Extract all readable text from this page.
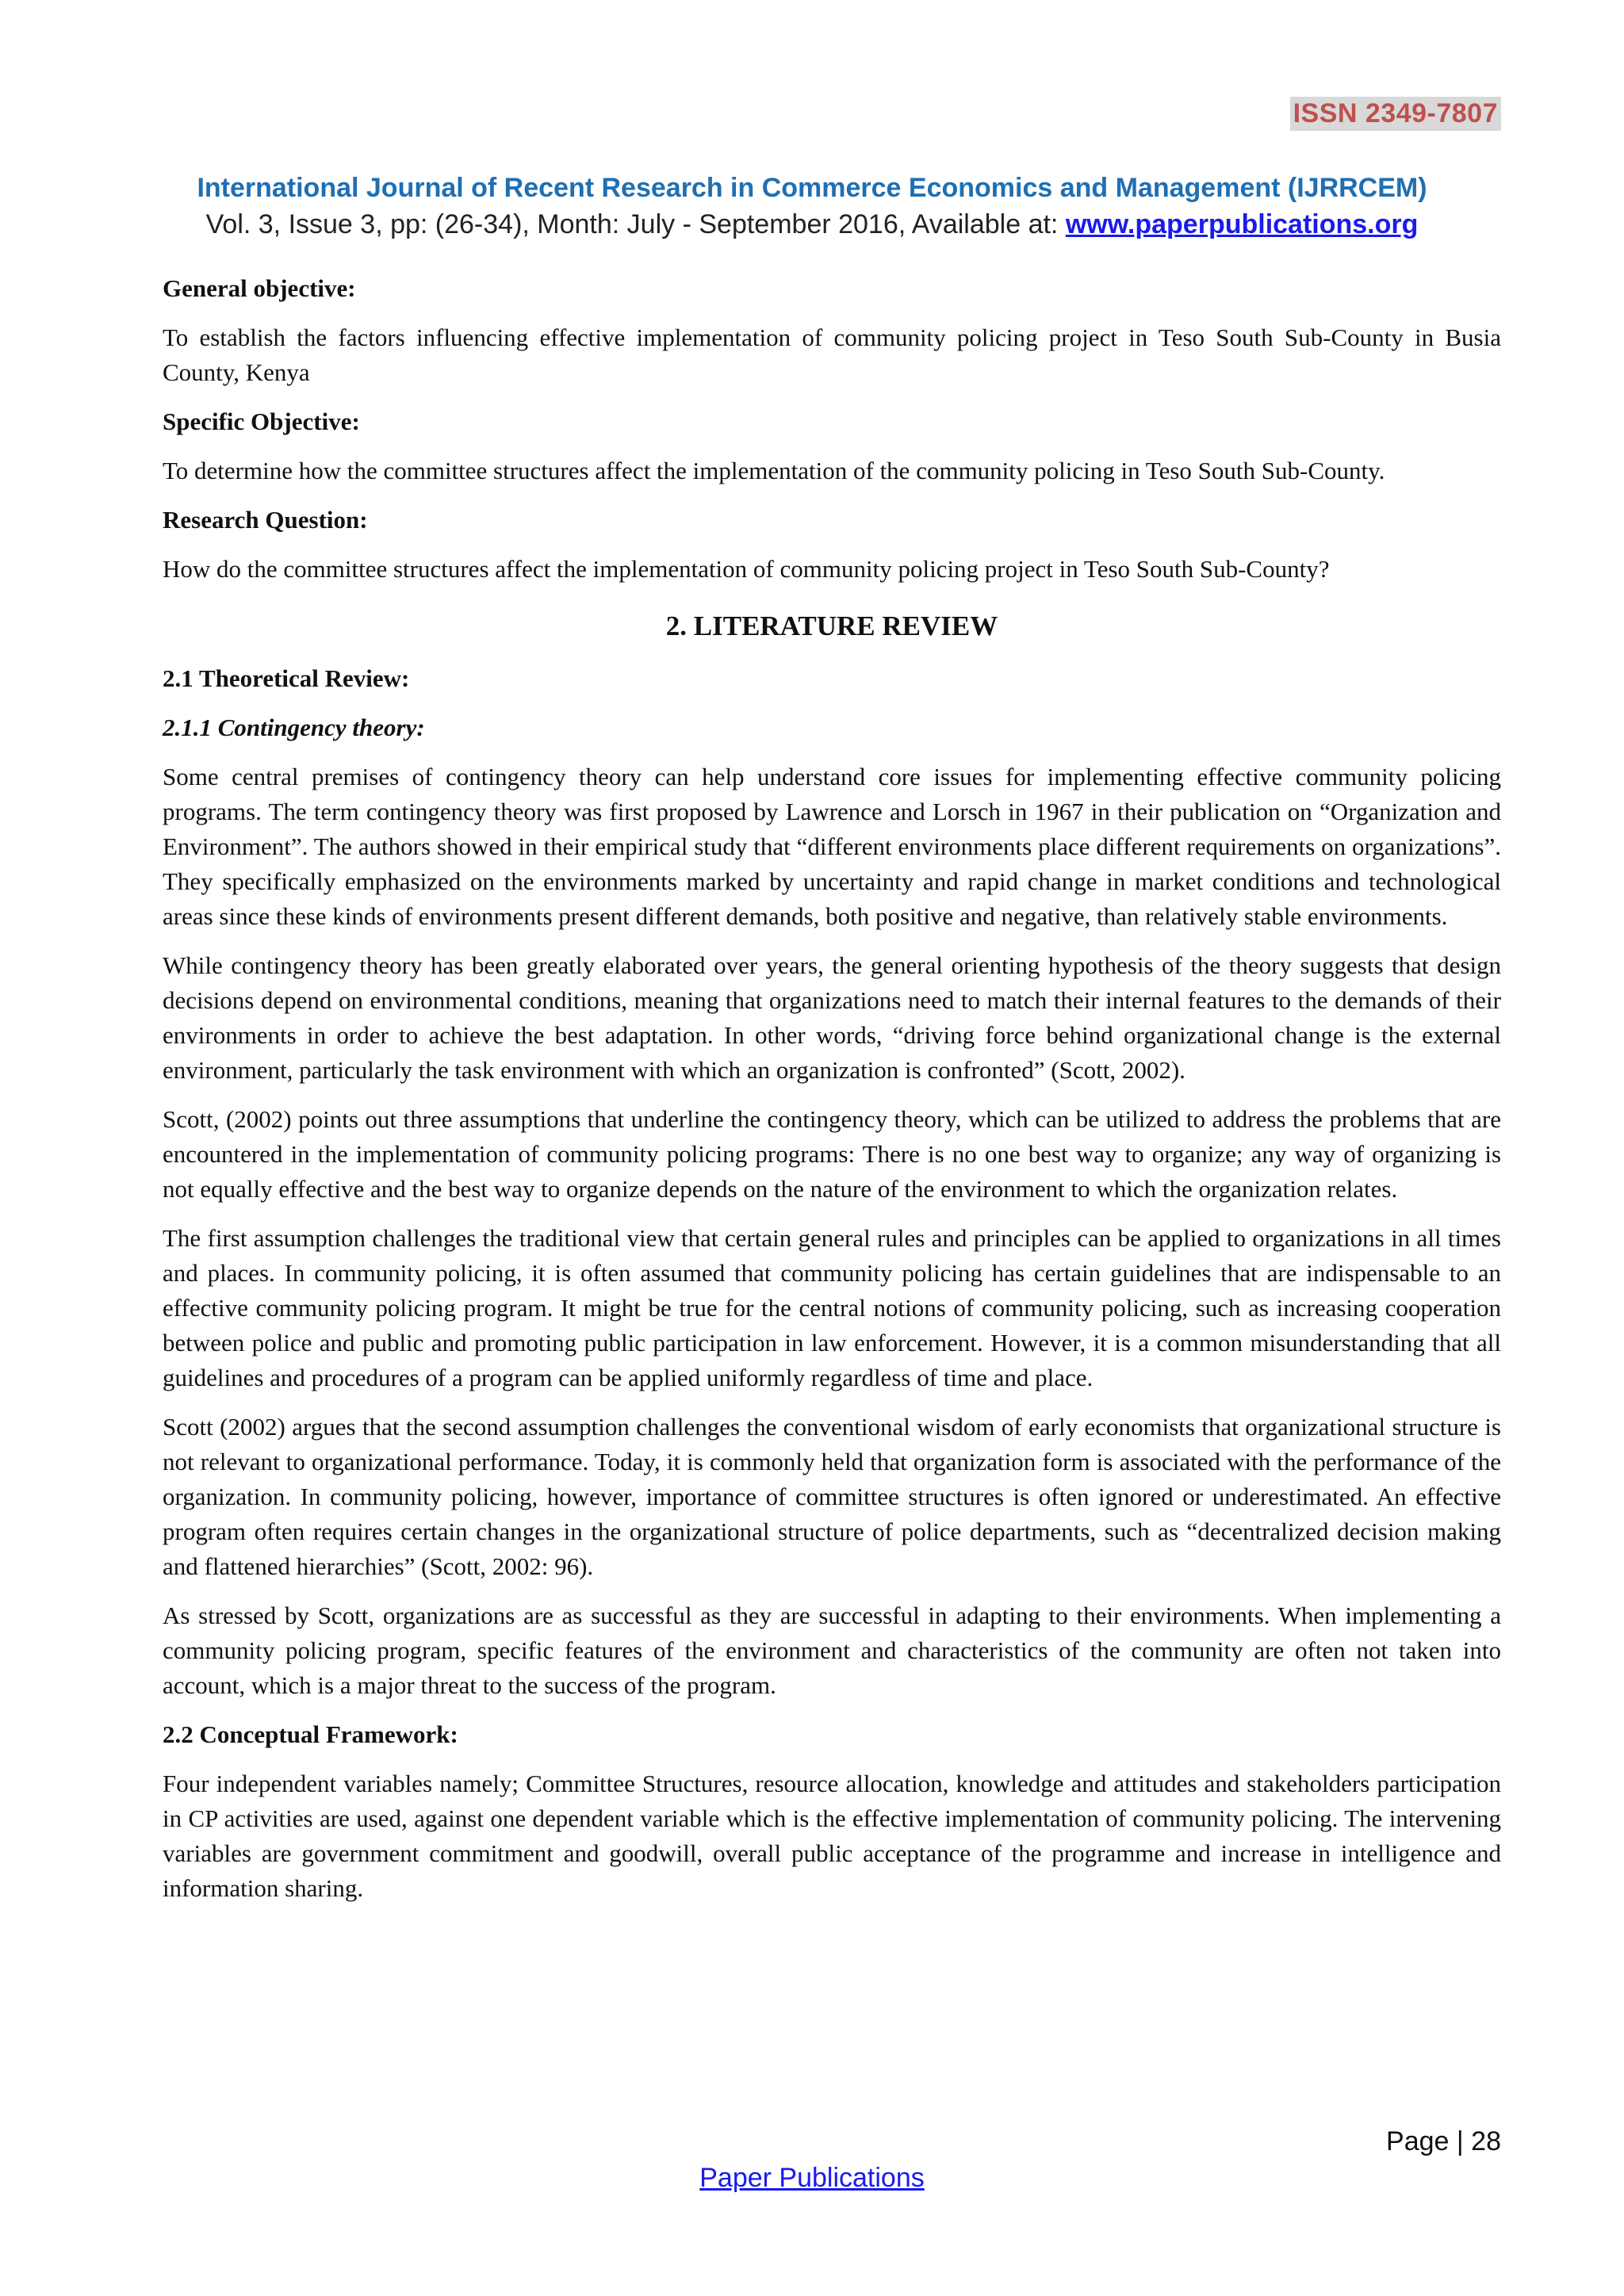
ISSN 2349-7807
International Journal of Recent Research in Commerce Economics and Management (IJRRCEM)
Vol. 3, Issue 3, pp: (26-34), Month: July - September 2016, Available at: www.paperpublications.org
General objective:

To establish the factors influencing effective implementation of community policing project in Teso South Sub-County in Busia County, Kenya

Specific Objective:

To determine how the committee structures affect the implementation of the community policing in Teso South Sub-County.

Research Question:

How do the committee structures affect the implementation of community policing project in Teso South Sub-County?

2. LITERATURE REVIEW
2.1 Theoretical Review:
2.1.1 Contingency theory:

Some central premises of contingency theory can help understand core issues for implementing effective community policing programs. The term contingency theory was first proposed by Lawrence and Lorsch in 1967 in their publication on “Organization and Environment”. The authors showed in their empirical study that “different environments place different requirements on organizations”. They specifically emphasized on the environments marked by uncertainty and rapid change in market conditions and technological areas since these kinds of environments present different demands, both positive and negative, than relatively stable environments.

While contingency theory has been greatly elaborated over years, the general orienting hypothesis of the theory suggests that design decisions depend on environmental conditions, meaning that organizations need to match their internal features to the demands of their environments in order to achieve the best adaptation. In other words, “driving force behind organizational change is the external environment, particularly the task environment with which an organization is confronted” (Scott, 2002).

Scott, (2002) points out three assumptions that underline the contingency theory, which can be utilized to address the problems that are encountered in the implementation of community policing programs: There is no one best way to organize; any way of organizing is not equally effective and the best way to organize depends on the nature of the environment to which the organization relates.

The first assumption challenges the traditional view that certain general rules and principles can be applied to organizations in all times and places. In community policing, it is often assumed that community policing has certain guidelines that are indispensable to an effective community policing program. It might be true for the central notions of community policing, such as increasing cooperation between police and public and promoting public participation in law enforcement. However, it is a common misunderstanding that all guidelines and procedures of a program can be applied uniformly regardless of time and place.

Scott (2002) argues that the second assumption challenges the conventional wisdom of early economists that organizational structure is not relevant to organizational performance. Today, it is commonly held that organization form is associated with the performance of the organization. In community policing, however, importance of committee structures is often ignored or underestimated. An effective program often requires certain changes in the organizational structure of police departments, such as “decentralized decision making and flattened hierarchies” (Scott, 2002: 96).

As stressed by Scott, organizations are as successful as they are successful in adapting to their environments. When implementing a community policing program, specific features of the environment and characteristics of the community are often not taken into account, which is a major threat to the success of the program.

2.2 Conceptual Framework:

Four independent variables namely; Committee Structures, resource allocation, knowledge and attitudes and stakeholders participation in CP activities are used, against one dependent variable which is the effective implementation of community policing. The intervening variables are government commitment and goodwill, overall public acceptance of the programme and increase in intelligence and information sharing.

Page | 28
Paper Publications
